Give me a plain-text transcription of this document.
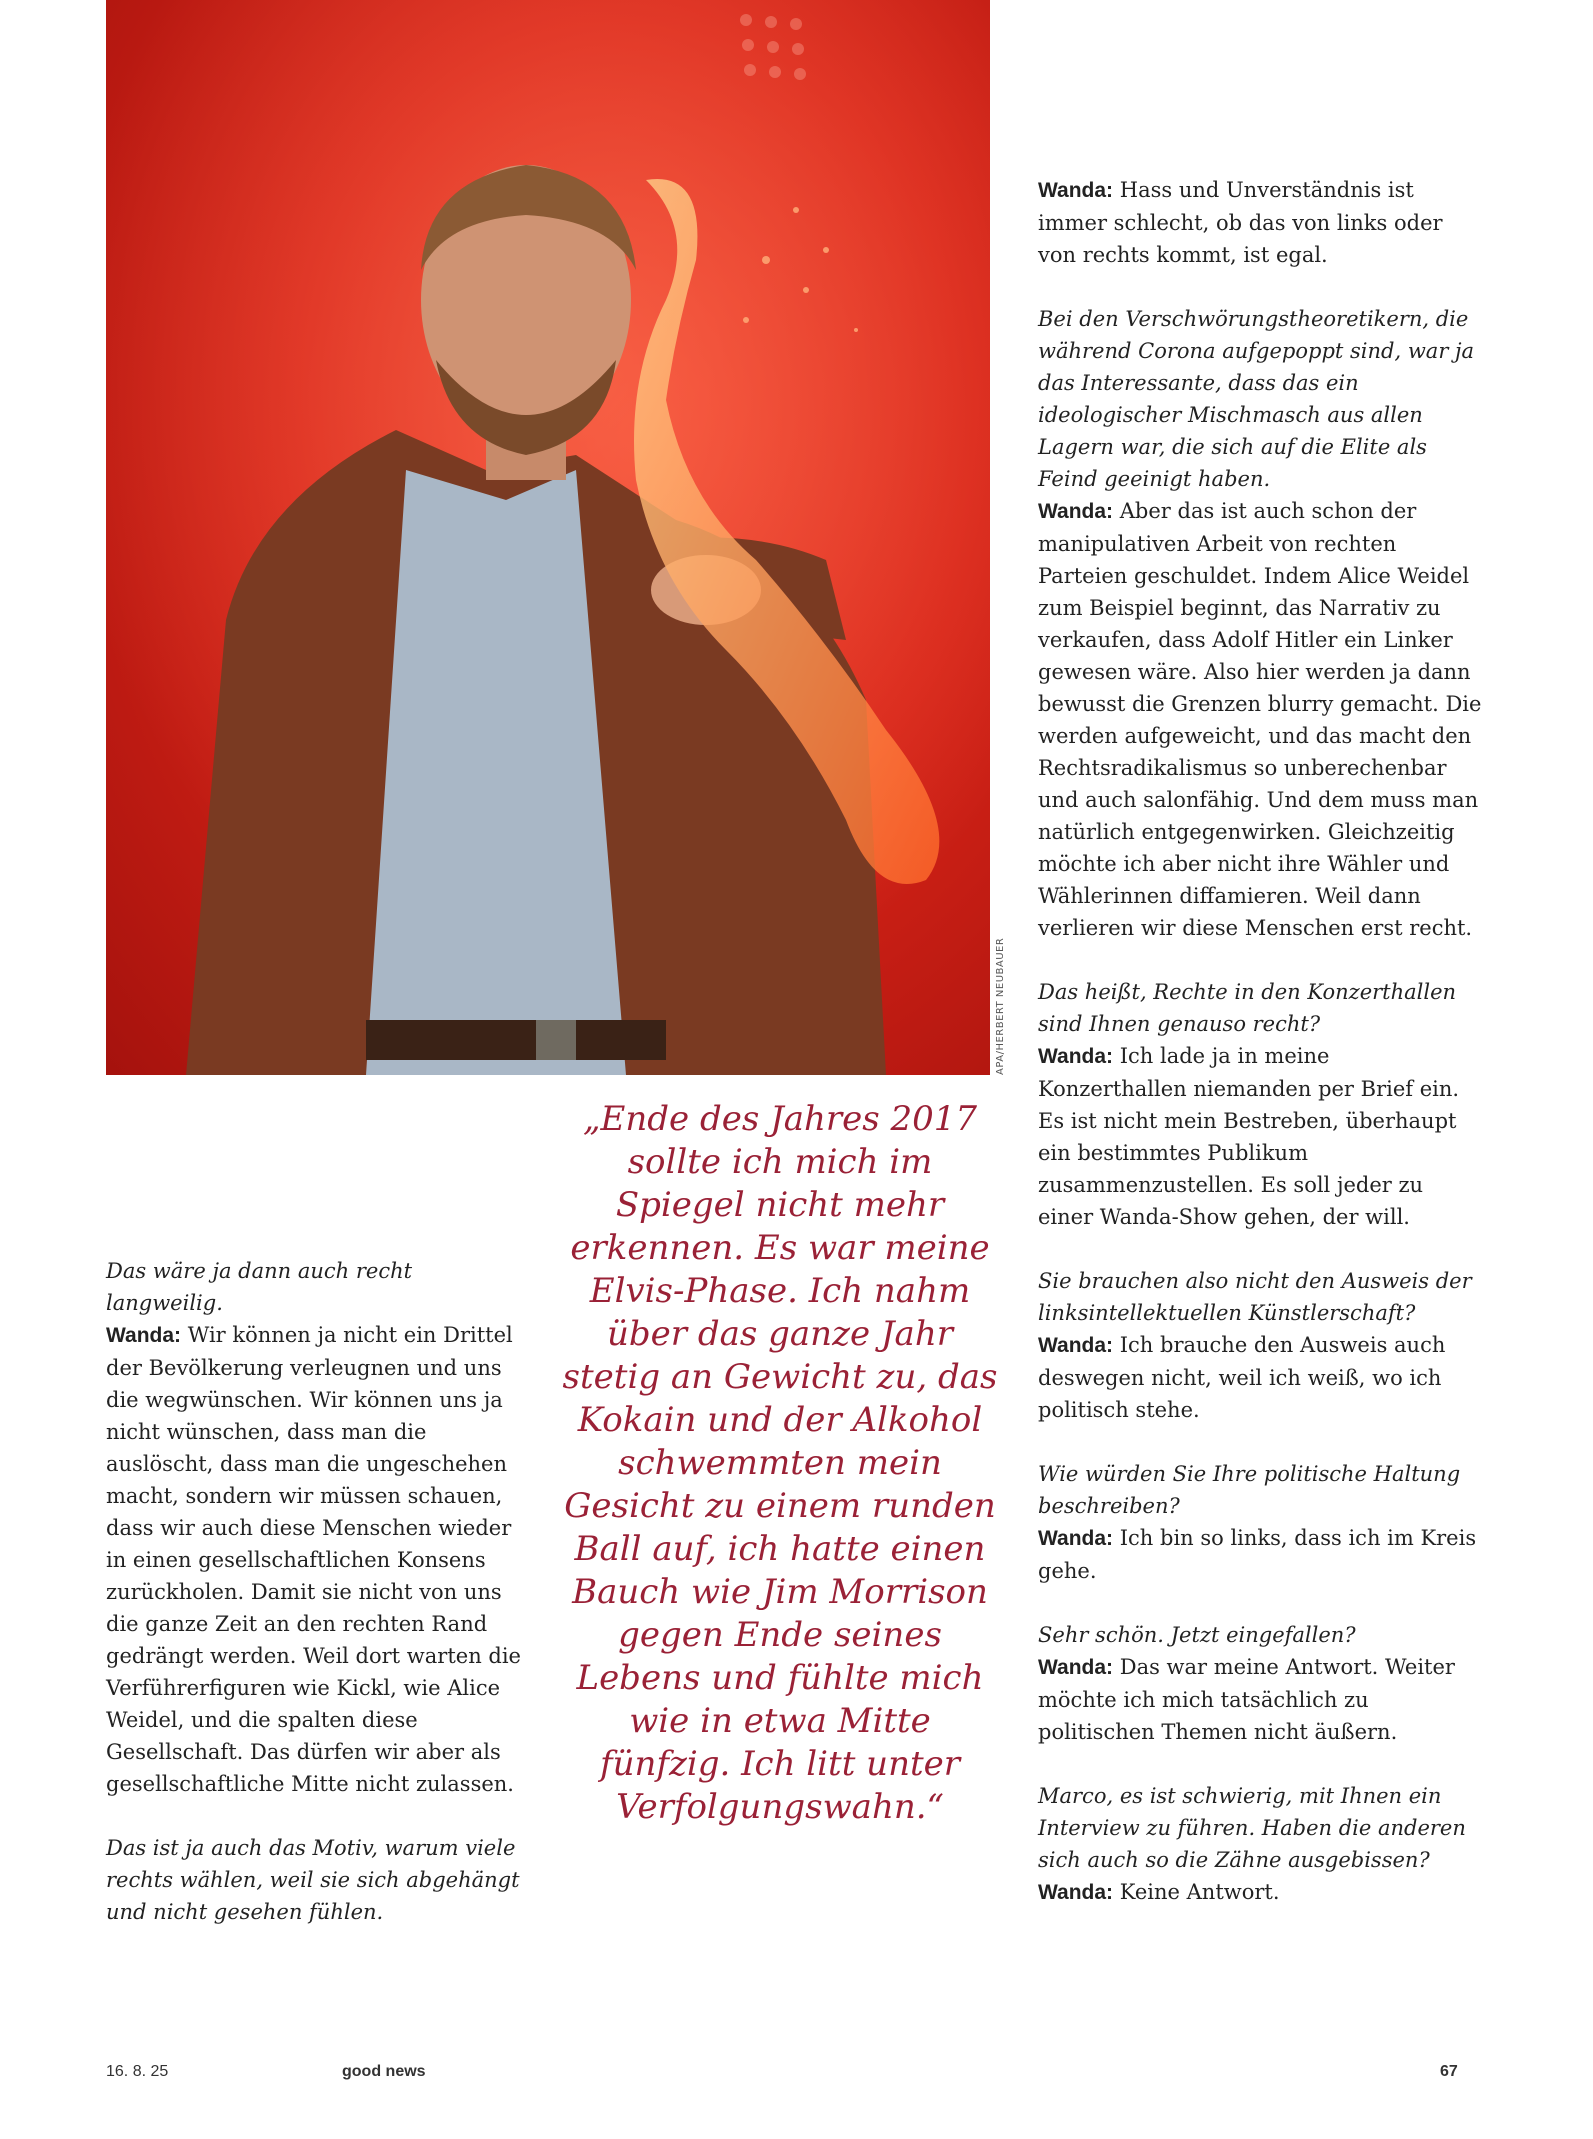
APA/HERBERT NEUBAUER
„Ende des Jahres 2017 sollte ich mich im Spiegel nicht mehr erkennen. Es war meine Elvis-Phase. Ich nahm über das ganze Jahr stetig an Gewicht zu, das Kokain und der Alkohol schwemmten mein Gesicht zu einem runden Ball auf, ich hatte einen Bauch wie Jim Morrison gegen Ende seines Lebens und fühlte mich wie in etwa Mitte fünfzig. Ich litt unter Verfolgungswahn.“

Das wäre ja dann auch recht langweilig.

Wanda: Wir können ja nicht ein Drittel der Bevölkerung verleugnen und uns die wegwünschen. Wir können uns ja nicht wünschen, dass man die auslöscht, dass man die ungeschehen macht, sondern wir müssen schauen, dass wir auch diese Menschen wieder in einen gesellschaftlichen Konsens zurückholen. Damit sie nicht von uns die ganze Zeit an den rechten Rand gedrängt werden. Weil dort warten die Verführerfiguren wie Kickl, wie Alice Weidel, und die spalten diese Gesellschaft. Das dürfen wir aber als gesellschaftliche Mitte nicht zulassen.

Das ist ja auch das Motiv, warum viele rechts wählen, weil sie sich abgehängt und nicht gesehen fühlen.

Wanda: Hass und Unverständnis ist immer schlecht, ob das von links oder von rechts kommt, ist egal.

Bei den Verschwörungstheoretikern, die während Corona aufgepoppt sind, war ja das Interessante, dass das ein ideologischer Mischmasch aus allen Lagern war, die sich auf die Elite als Feind geeinigt haben.

Wanda: Aber das ist auch schon der manipulativen Arbeit von rechten Parteien geschuldet. Indem Alice Weidel zum Beispiel beginnt, das Narrativ zu verkaufen, dass Adolf Hitler ein Linker gewesen wäre. Also hier werden ja dann bewusst die Grenzen blurry gemacht. Die werden aufgeweicht, und das macht den Rechtsradikalismus so unberechenbar und auch salonfähig. Und dem muss man natürlich entgegenwirken. Gleichzeitig möchte ich aber nicht ihre Wähler und Wählerinnen diffamieren. Weil dann verlieren wir diese Menschen erst recht.

Das heißt, Rechte in den Konzerthallen sind Ihnen genauso recht?

Wanda: Ich lade ja in meine Konzerthallen niemanden per Brief ein. Es ist nicht mein Bestreben, überhaupt ein bestimmtes Publikum zusammenzustellen. Es soll jeder zu einer Wanda-Show gehen, der will.

Sie brauchen also nicht den Ausweis der linksintellektuellen Künstlerschaft?

Wanda: Ich brauche den Ausweis auch deswegen nicht, weil ich weiß, wo ich politisch stehe.

Wie würden Sie Ihre politische Haltung beschreiben?

Wanda: Ich bin so links, dass ich im Kreis gehe.

Sehr schön. Jetzt eingefallen?

Wanda: Das war meine Antwort. Weiter möchte ich mich tatsächlich zu politischen Themen nicht äußern.

Marco, es ist schwierig, mit Ihnen ein Interview zu führen. Haben die anderen sich auch so die Zähne ausgebissen?

Wanda: Keine Antwort.

16. 8. 25	good news	67
